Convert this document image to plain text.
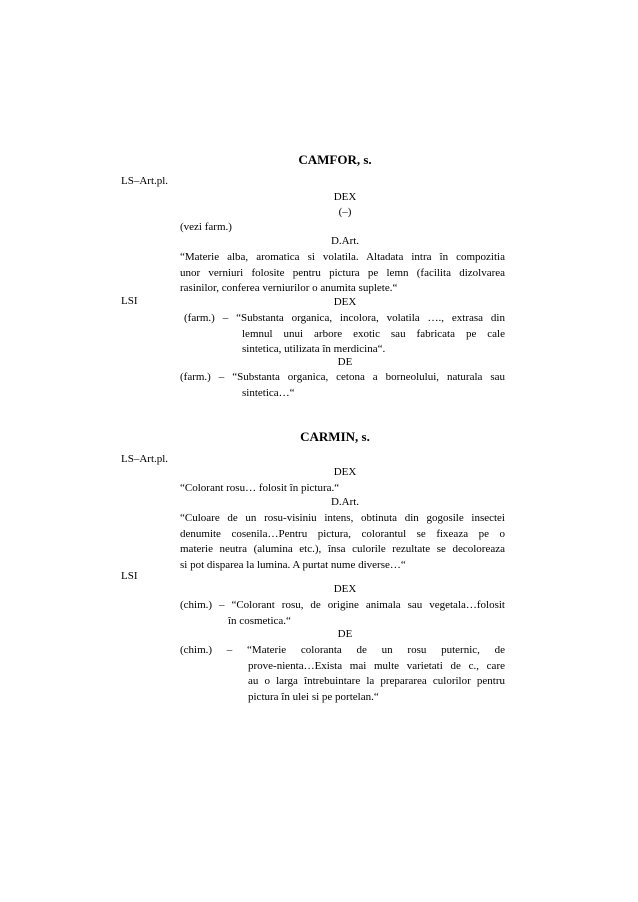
CAMFOR, s.
LS–Art.pl.
DEX
(–)
(vezi farm.)
D.Art.
“Materie alba, aromatica si volatila. Altadata intra în compozitia
unor verniuri folosite pentru pictura pe lemn (facilita dizolvarea
rasinilor, conferea verniurilor o anumita suplete.“
LSI	DEX
(farm.) – “Substanta organica, incolora, volatila …., extrasa din
lemnul unui arbore exotic sau fabricata pe cale
sintetica, utilizata în merdicina“.
DE
(farm.) – “Substanta organica, cetona a borneolului, naturala sau
sintetica…“
CARMIN, s.
LS–Art.pl.
DEX
“Colorant rosu… folosit în pictura.“
D.Art.
“Culoare de un rosu-visiniu intens, obtinuta din gogosile insectei
denumite cosenila…Pentru pictura, colorantul se fixeaza pe o
materie neutra (alumina etc.), însa culorile rezultate se decoloreaza
si pot disparea la lumina. A purtat nume diverse…“
LSI
DEX
(chim.) – “Colorant rosu, de origine animala sau vegetala…folosit
în cosmetica.“
DE
(chim.)  –  “Materie  coloranta  de  un  rosu  puternic,  de
prove-nienta…Exista mai multe varietati de c., care
au o larga întrebuintare la prepararea culorilor pentru
pictura în ulei si pe portelan.“
